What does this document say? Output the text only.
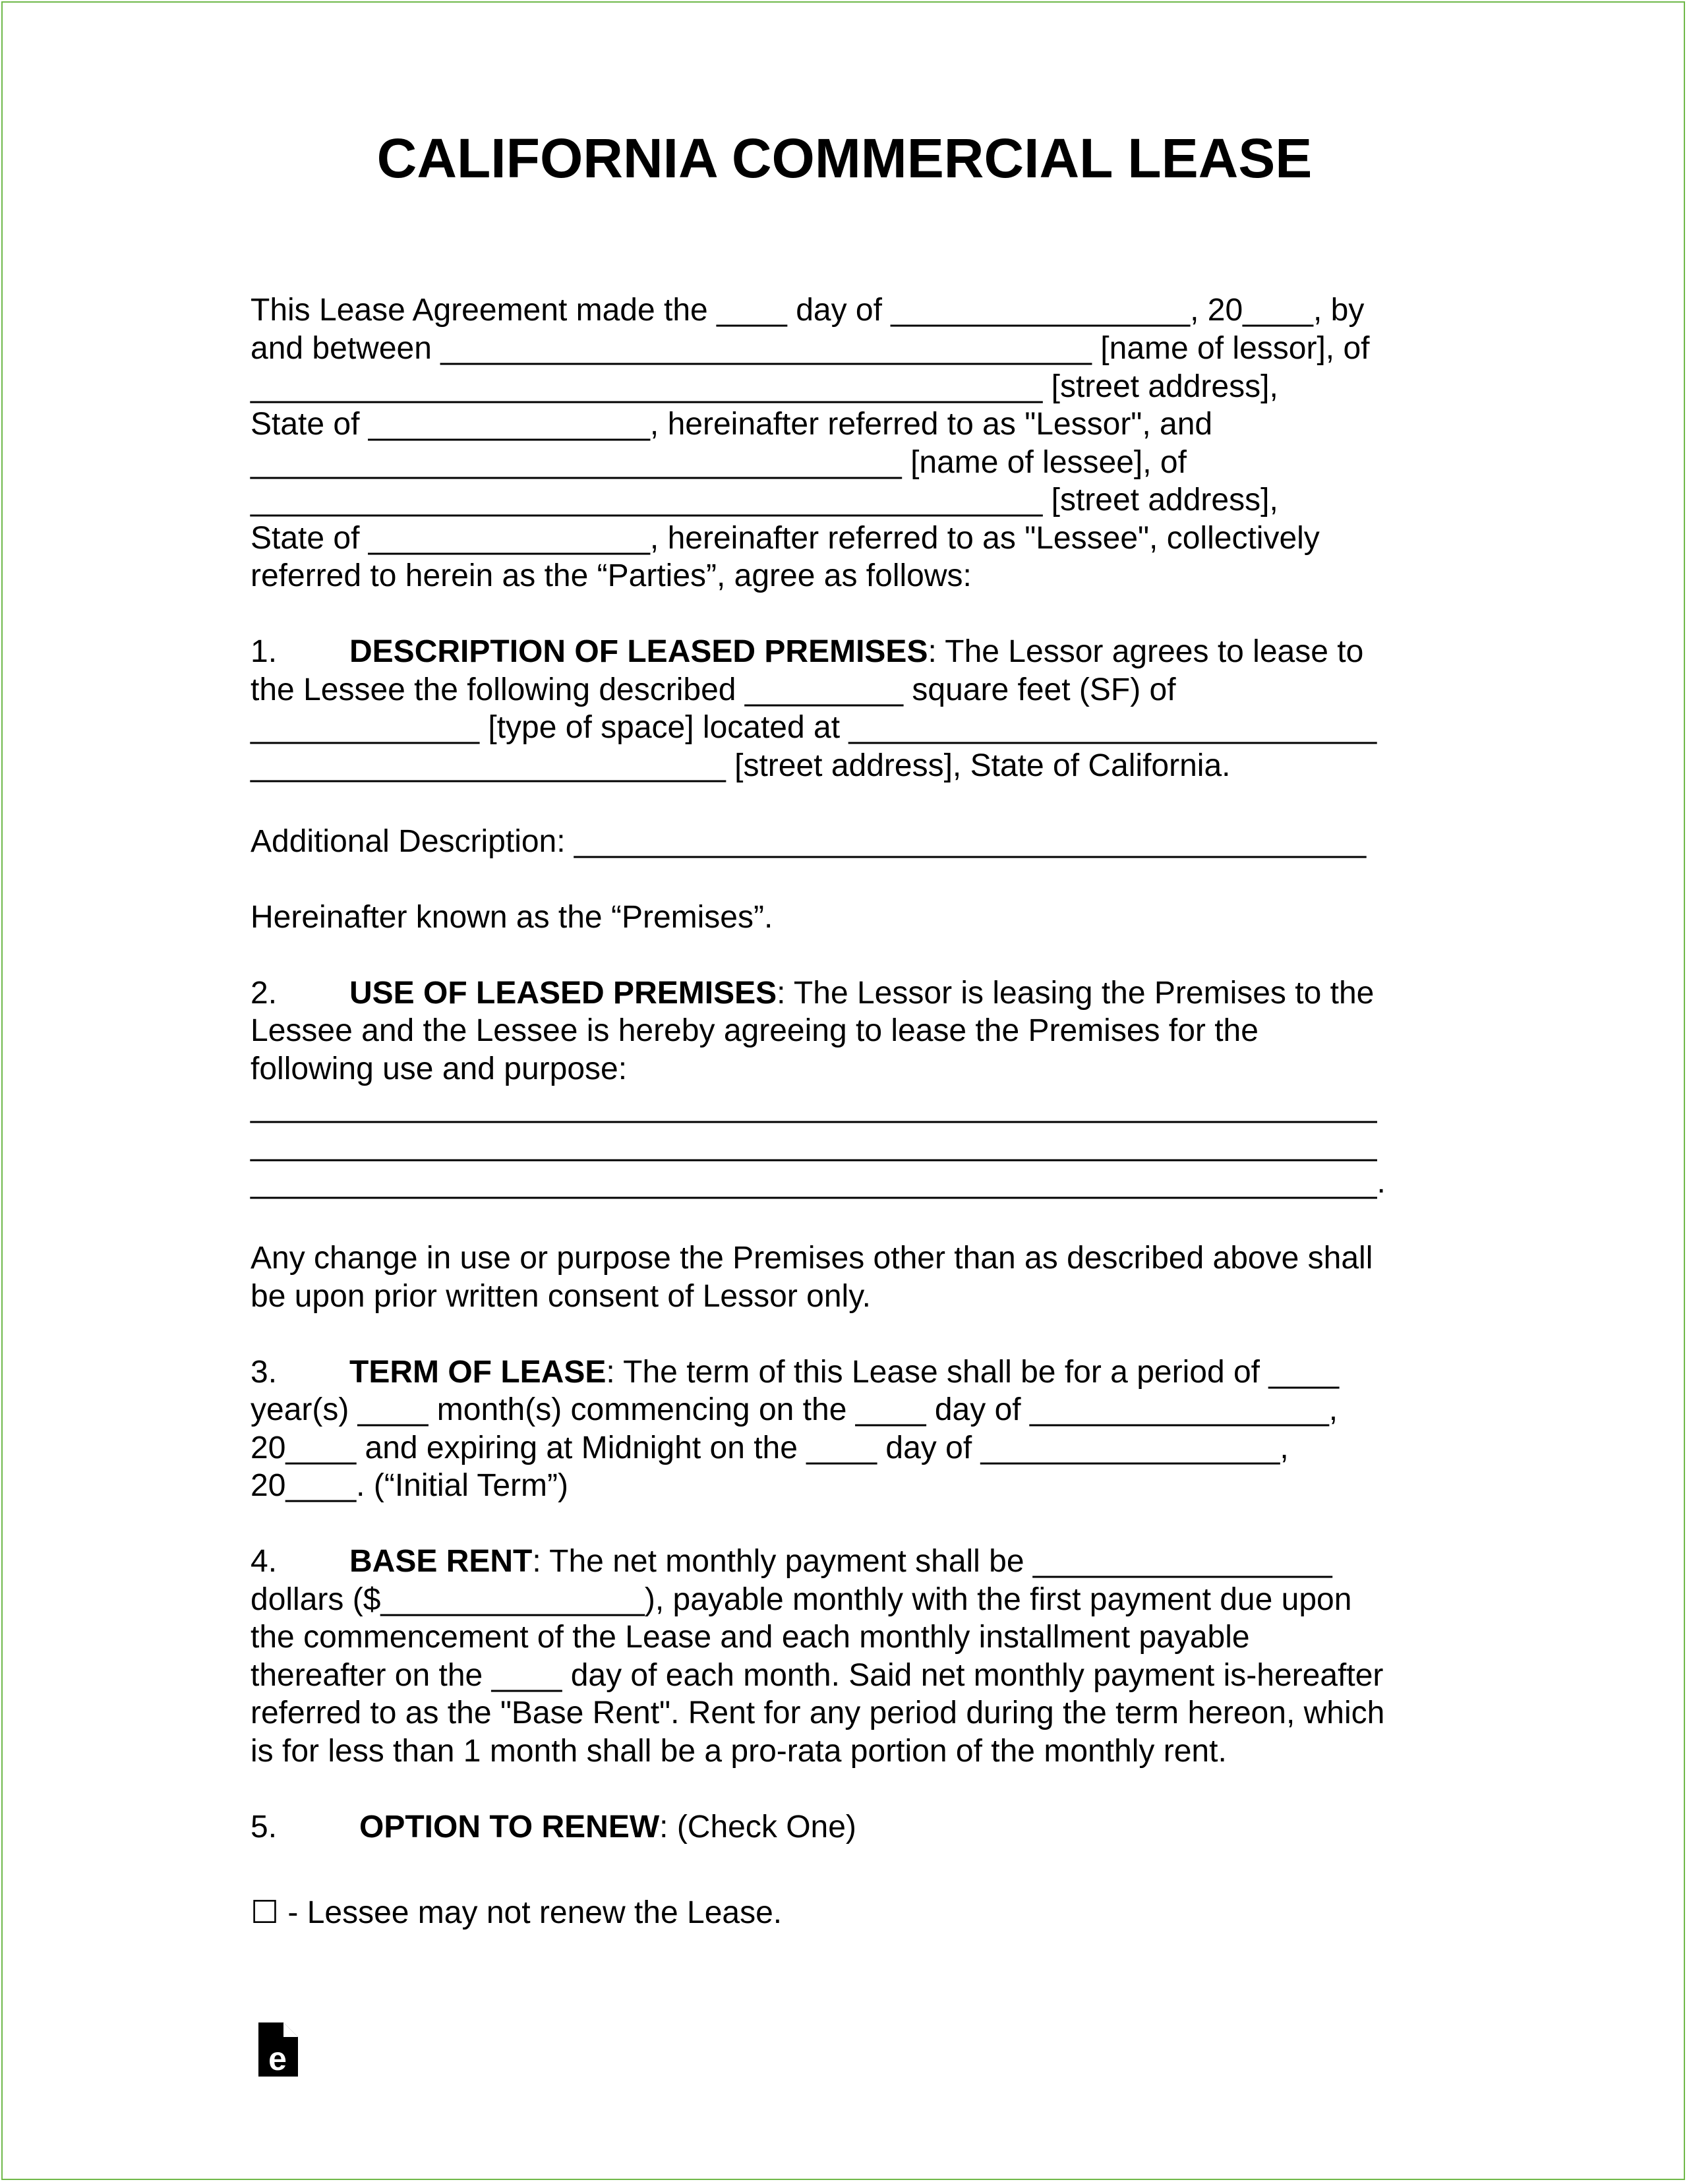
CALIFORNIA COMMERCIAL LEASE

This Lease Agreement made the ____ day of _________________, 20____, by

and between _____________________________________ [name of lessor], of

_____________________________________________ [street address],

State of ________________, hereinafter referred to as "Lessor", and

_____________________________________ [name of lessee], of

_____________________________________________ [street address],

State of ________________, hereinafter referred to as "Lessee", collectively

referred to herein as the “Parties”, agree as follows:

1. DESCRIPTION OF LEASED PREMISES: The Lessor agrees to lease to

the Lessee the following described _________ square feet (SF) of

_____________ [type of space] located at ______________________________

___________________________ [street address], State of California.

Additional Description: _____________________________________________

Hereinafter known as the “Premises”.

2. USE OF LEASED PREMISES: The Lessor is leasing the Premises to the

Lessee and the Lessee is hereby agreeing to lease the Premises for the

following use and purpose:

________________________________________________________________

________________________________________________________________

________________________________________________________________.

Any change in use or purpose the Premises other than as described above shall

be upon prior written consent of Lessor only.

3. TERM OF LEASE: The term of this Lease shall be for a period of ____

year(s) ____ month(s) commencing on the ____ day of _________________,

20____ and expiring at Midnight on the ____ day of _________________,

20____. (“Initial Term”)

4. BASE RENT: The net monthly payment shall be _________________

dollars ($_______________), payable monthly with the first payment due upon

the commencement of the Lease and each monthly installment payable

thereafter on the ____ day of each month. Said net monthly payment is-hereafter

referred to as the "Base Rent". Rent for any period during the term hereon, which

is for less than 1 month shall be a pro-rata portion of the monthly rent.

5.	OPTION TO RENEW: (Check One)

☐ - Lessee may not renew the Lease.

e
